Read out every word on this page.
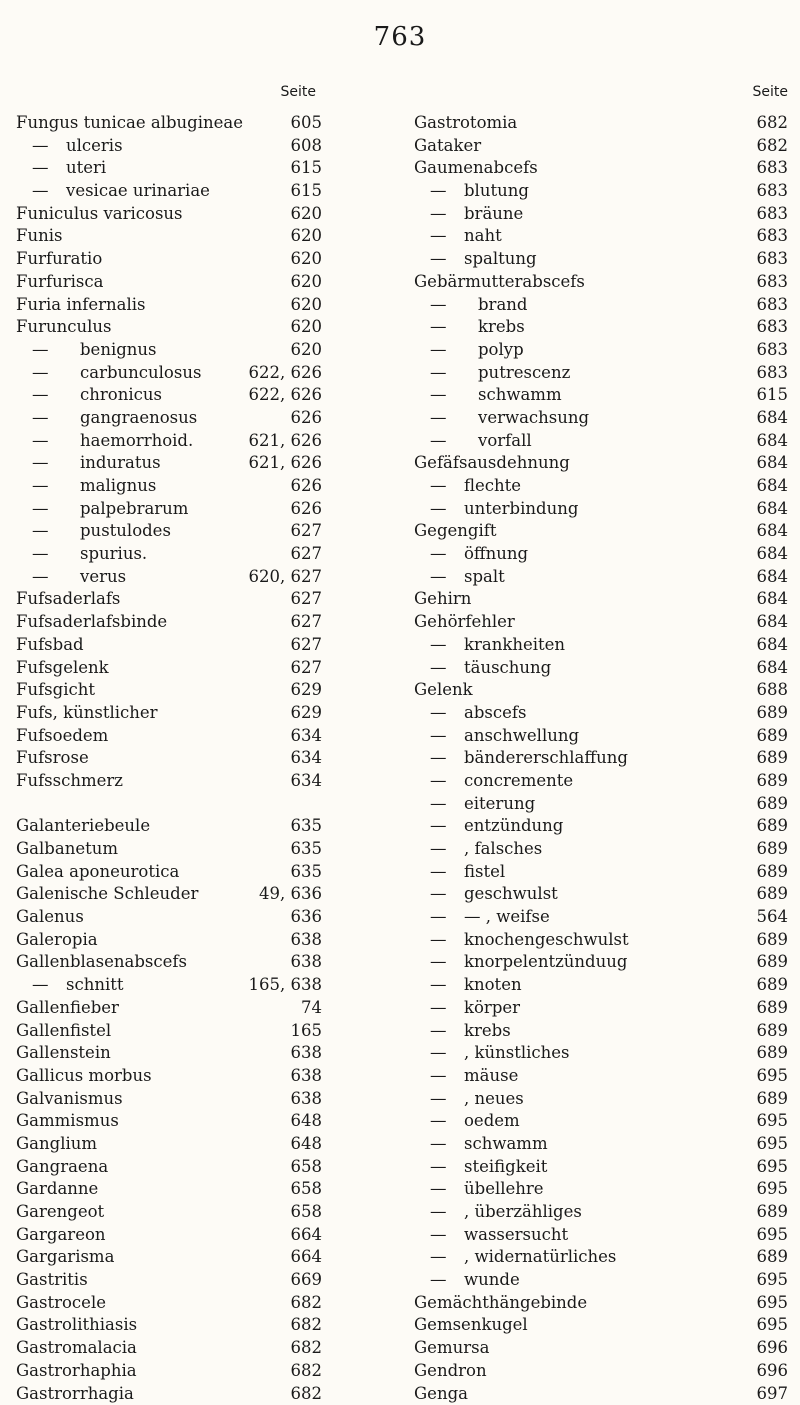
763
Seite	Seite
Fungus tunicae albugineae	605
— ulceris	608
— uteri	615
— vesicae urinariae	615
Funiculus varicosus	620
Funis	620
Furfuratio	620
Furfurisca	620
Furia infernalis	620
Furunculus	620
— benignus	620
— carbunculosus	622, 626
— chronicus	622, 626
— gangraenosus	626
— haemorrhoid.	621, 626
— induratus	621, 626
— malignus	626
— palpebrarum	626
— pustulodes	627
— spurius.	627
— verus	620, 627
Fufsaderlafs	627
Fufsaderlafsbinde	627
Fufsbad	627
Fufsgelenk	627
Fufsgicht	629
Fufs, künstlicher	629
Fufsoedem	634
Fufsrose	634
Fufsschmerz	634
Galanteriebeule	635
Galbanetum	635
Galea aponeurotica	635
Galenische Schleuder	49, 636
Galenus	636
Galeropia	638
Gallenblasenabscefs	638
— schnitt	165, 638
Gallenfieber	74
Gallenfistel	165
Gallenstein	638
Gallicus morbus	638
Galvanismus	638
Gammismus	648
Ganglium	648
Gangraena	658
Gardanne	658
Garengeot	658
Gargareon	664
Gargarisma	664
Gastritis	669
Gastrocele	682
Gastrolithiasis	682
Gastromalacia	682
Gastrorhaphia	682
Gastrorrhagia	682
Gastrotomia	682
Gataker	682
Gaumenabcefs	683
— blutung	683
— bräune	683
— naht	683
— spaltung	683
Gebärmutterabscefs	683
— brand	683
— krebs	683
— polyp	683
— putrescenz	683
— schwamm	615
— verwachsung	684
— vorfall	684
Gefäfsausdehnung	684
— flechte	684
— unterbindung	684
Gegengift	684
— öffnung	684
— spalt	684
Gehirn	684
Gehörfehler	684
— krankheiten	684
— täuschung	684
Gelenk	688
— abscefs	689
— anschwellung	689
— bändererschlaffung	689
— concremente	689
— eiterung	689
— entzündung	689
— , falsches	689
— fistel	689
— geschwulst	689
— — , weifse	564
— knochengeschwulst	689
— knorpelentzünduug	689
— knoten	689
— körper	689
— krebs	689
— , künstliches	689
— mäuse	695
— , neues	689
— oedem	695
— schwamm	695
— steifigkeit	695
— übellehre	695
— , überzähliges	689
— wassersucht	695
— , widernatürliches	689
— wunde	695
Gemächthängebinde	695
Gemsenkugel	695
Gemursa	696
Gendron	696
Genga	697
